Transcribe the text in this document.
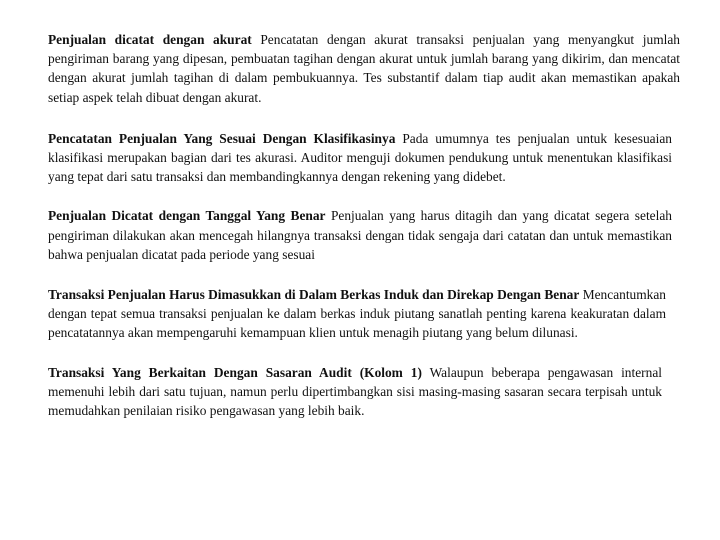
Penjualan dicatat dengan akurat Pencatatan dengan akurat transaksi penjualan yang menyangkut jumlah pengiriman barang yang dipesan, pembuatan tagihan dengan akurat untuk jumlah barang yang dikirim, dan mencatat dengan akurat jumlah tagihan di dalam pembukuannya. Tes substantif dalam tiap audit akan memastikan apakah setiap aspek telah dibuat dengan akurat.

Pencatatan Penjualan Yang Sesuai Dengan Klasifikasinya Pada umumnya tes penjualan untuk kesesuaian klasifikasi merupakan bagian dari tes akurasi. Auditor menguji dokumen pendukung untuk menentukan klasifikasi yang tepat dari satu transaksi dan membandingkannya dengan rekening yang didebet.

Penjualan Dicatat dengan Tanggal Yang Benar Penjualan yang harus ditagih dan yang dicatat segera setelah pengiriman dilakukan akan mencegah hilangnya transaksi dengan tidak sengaja dari catatan dan untuk memastikan bahwa penjualan dicatat pada periode yang sesuai

Transaksi Penjualan Harus Dimasukkan di Dalam Berkas Induk dan Direkap Dengan Benar Mencantumkan dengan tepat semua transaksi penjualan ke dalam berkas induk piutang sanatlah penting karena keakuratan dalam pencatatannya akan mempengaruhi kemampuan klien untuk menagih piutang yang belum dilunasi.

Transaksi Yang Berkaitan Dengan Sasaran Audit (Kolom 1) Walaupun beberapa pengawasan internal memenuhi lebih dari satu tujuan, namun perlu dipertimbangkan sisi masing-masing sasaran secara terpisah untuk memudahkan penilaian risiko pengawasan yang lebih baik.
